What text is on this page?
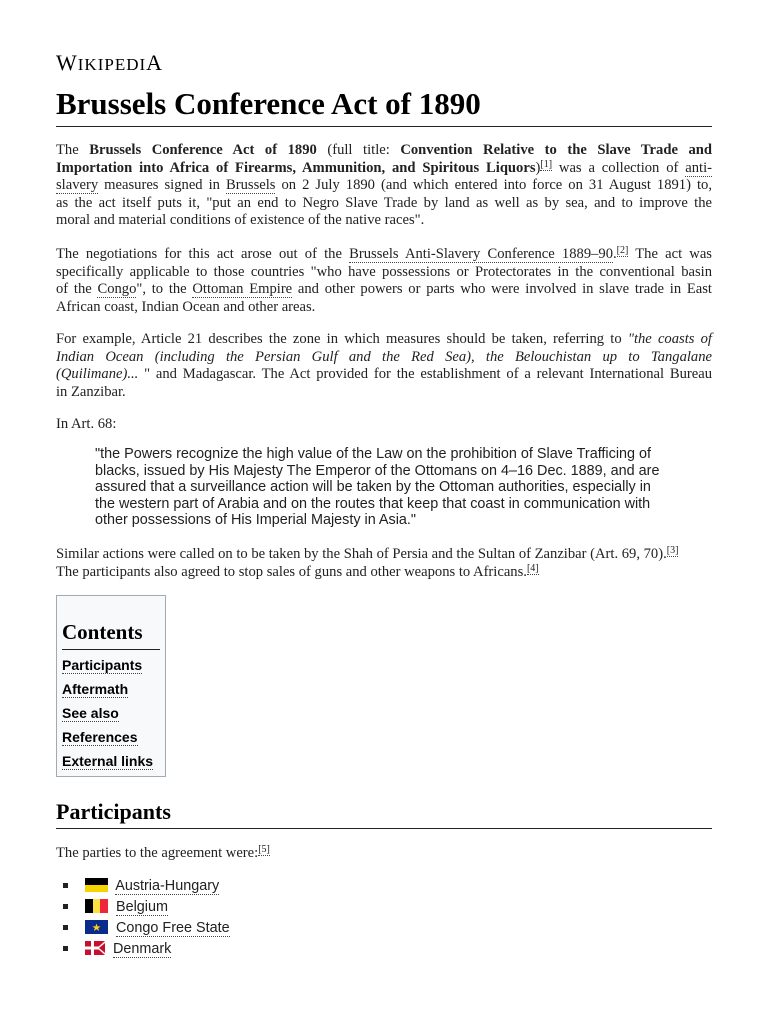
WIKIPEDIA
Brussels Conference Act of 1890
The Brussels Conference Act of 1890 (full title: Convention Relative to the Slave Trade and
Importation into Africa of Firearms, Ammunition, and Spiritous Liquors)[1] was a collection of anti-
slavery measures signed in Brussels on 2 July 1890 (and which entered into force on 31 August 1891) to,
as the act itself puts it, "put an end to Negro Slave Trade by land as well as by sea, and to improve the
moral and material conditions of existence of the native races".
The negotiations for this act arose out of the Brussels Anti-Slavery Conference 1889–90.[2] The act was
specifically applicable to those countries "who have possessions or Protectorates in the conventional basin
of the Congo", to the Ottoman Empire and other powers or parts who were involved in slave trade in East
African coast, Indian Ocean and other areas.
For example, Article 21 describes the zone in which measures should be taken, referring to "the coasts of
Indian Ocean (including the Persian Gulf and the Red Sea), the Belouchistan up to Tangalane
(Quilimane)... " and Madagascar. The Act provided for the establishment of a relevant International Bureau
in Zanzibar.
In Art. 68:
"the Powers recognize the high value of the Law on the prohibition of Slave Trafficing of
blacks, issued by His Majesty The Emperor of the Ottomans on 4–16 Dec. 1889, and are
assured that a surveillance action will be taken by the Ottoman authorities, especially in
the western part of Arabia and on the routes that keep that coast in communication with
other possessions of His Imperial Majesty in Asia."
Similar actions were called on to be taken by the Shah of Persia and the Sultan of Zanzibar (Art. 69, 70).[3]
The participants also agreed to stop sales of guns and other weapons to Africans.[4]
Contents
Participants
Aftermath
See also
References
External links
Participants
The parties to the agreement were:[5]
Austria-Hungary
Belgium
Congo Free State
Denmark
